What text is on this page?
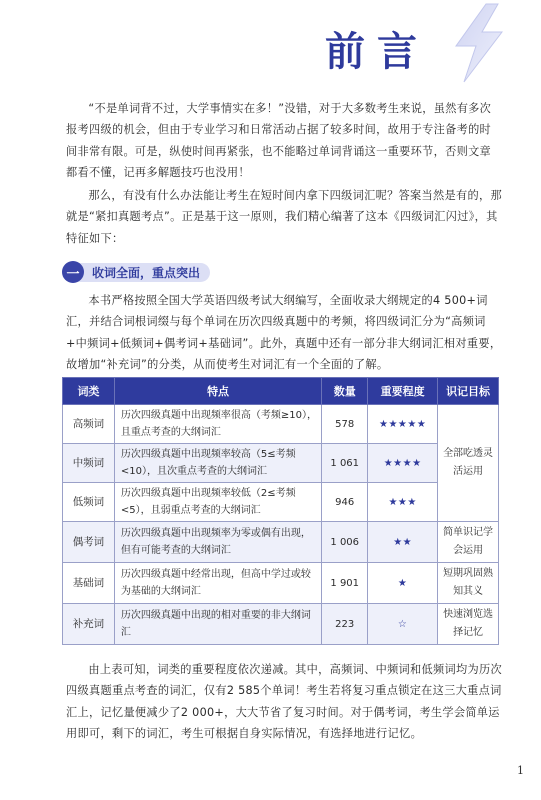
前言

“不是单词背不过，大学事情实在多！”没错，对于大多数考生来说，虽然有多次报考四级的机会，但由于专业学习和日常活动占据了较多时间，故用于专注备考的时间非常有限。可是，纵使时间再紧张，也不能略过单词背诵这一重要环节，否则文章都看不懂，记再多解题技巧也没用！

那么，有没有什么办法能让考生在短时间内拿下四级词汇呢？答案当然是有的，那就是“紧扣真题考点”。正是基于这一原则，我们精心编著了这本《四级词汇闪过》，其特征如下：

一	收词全面，重点突出

本书严格按照全国大学英语四级考试大纲编写，全面收录大纲规定的4 500+词汇，并结合词根词缀与每个单词在历次四级真题中的考频，将四级词汇分为“高频词+中频词+低频词+偶考词+基础词”。此外，真题中还有一部分非大纲词汇相对重要，故增加“补充词”的分类，从而使考生对词汇有一个全面的了解。

词类	特点	数量	重要程度	识记目标
高频词	历次四级真题中出现频率很高（考频≥10），且重点考查的大纲词汇	578	★★★★★	全部吃透灵活运用
中频词	历次四级真题中出现频率较高（5≤考频<10），且次重点考查的大纲词汇	1 061	★★★★	
低频词	历次四级真题中出现频率较低（2≤考频<5），且弱重点考查的大纲词汇	946	★★★	
偶考词	历次四级真题中出现频率为零或偶有出现，但有可能考查的大纲词汇	1 006	★★	简单识记学会运用
基础词	历次四级真题中经常出现，但高中学过或较为基础的大纲词汇	1 901	★	短期巩固熟知其义
补充词	历次四级真题中出现的相对重要的非大纲词汇	223	☆	快速浏览选择记忆

由上表可知，词类的重要程度依次递减。其中，高频词、中频词和低频词均为历次四级真题重点考查的词汇，仅有2 585个单词！考生若将复习重点锁定在这三大重点词汇上，记忆量便减少了2 000+，大大节省了复习时间。对于偶考词，考生学会简单运用即可，剩下的词汇，考生可根据自身实际情况，有选择地进行记忆。

1
